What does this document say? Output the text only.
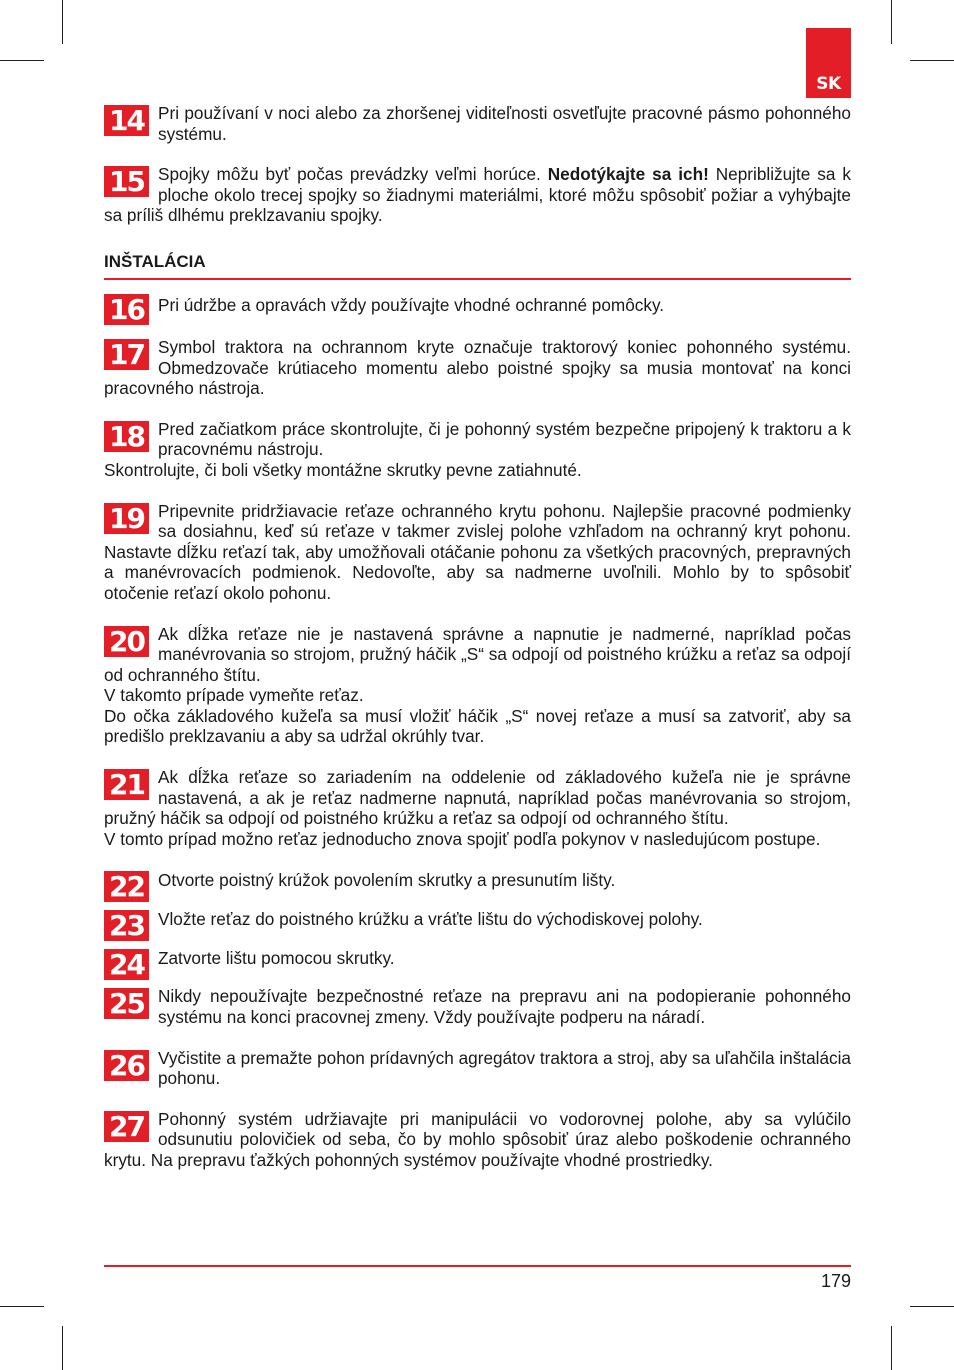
SK
14 Pri používaní v noci alebo za zhoršenej viditeľnosti osvetľujte pracovné pásmo pohonného systému.

15 Spojky môžu byť počas prevádzky veľmi horúce. Nedotýkajte sa ich! Nepribližujte sa k ploche okolo trecej spojky so žiadnymi materiálmi, ktoré môžu spôsobiť požiar a vyhýbajte sa príliš dlhému preklzavaniu spojky.

INŠTALÁCIA
16 Pri údržbe a opravách vždy používajte vhodné ochranné pomôcky.

17 Symbol traktora na ochrannom kryte označuje traktorový koniec pohonného systému. Obmedzovače krútiaceho momentu alebo poistné spojky sa musia montovať na konci pracovného nástroja.

18 Pred začiatkom práce skontrolujte, či je pohonný systém bezpečne pripojený k traktoru a k pracovnému nástroju.

Skontrolujte, či boli všetky montážne skrutky pevne zatiahnuté.

19 Pripevnite pridržiavacie reťaze ochranného krytu pohonu. Najlepšie pracovné podmienky sa dosiahnu, keď sú reťaze v takmer zvislej polohe vzhľadom na ochranný kryt pohonu. Nastavte dĺžku reťazí tak, aby umožňovali otáčanie pohonu za všetkých pracovných, prepravných a manévrovacích podmienok. Nedovoľte, aby sa nadmerne uvoľnili. Mohlo by to spôsobiť otočenie reťazí okolo pohonu.

20 Ak dĺžka reťaze nie je nastavená správne a napnutie je nadmerné, napríklad počas manévrovania so strojom, pružný háčik „S“ sa odpojí od poistného krúžku a reťaz sa odpojí od ochranného štítu.

V takomto prípade vymeňte reťaz.

Do očka základového kužeľa sa musí vložiť háčik „S“ novej reťaze a musí sa zatvoriť, aby sa predišlo preklzavaniu a aby sa udržal okrúhly tvar.

21 Ak dĺžka reťaze so zariadením na oddelenie od základového kužeľa nie je správne nastavená, a ak je reťaz nadmerne napnutá, napríklad počas manévrovania so strojom, pružný háčik sa odpojí od poistného krúžku a reťaz sa odpojí od ochranného štítu.

V tomto prípad možno reťaz jednoducho znova spojiť podľa pokynov v nasledujúcom postupe.

22 Otvorte poistný krúžok povolením skrutky a presunutím lišty.

23 Vložte reťaz do poistného krúžku a vráťte lištu do východiskovej polohy.

24 Zatvorte lištu pomocou skrutky.

25 Nikdy nepoužívajte bezpečnostné reťaze na prepravu ani na podopieranie pohonného systému na konci pracovnej zmeny. Vždy používajte podperu na náradí.

26 Vyčistite a premažte pohon prídavných agregátov traktora a stroj, aby sa uľahčila inštalácia pohonu.

27 Pohonný systém udržiavajte pri manipulácii vo vodorovnej polohe, aby sa vylúčilo odsunutiu polovičiek od seba, čo by mohlo spôsobiť úraz alebo poškodenie ochranného krytu. Na prepravu ťažkých pohonných systémov používajte vhodné prostriedky.

179
